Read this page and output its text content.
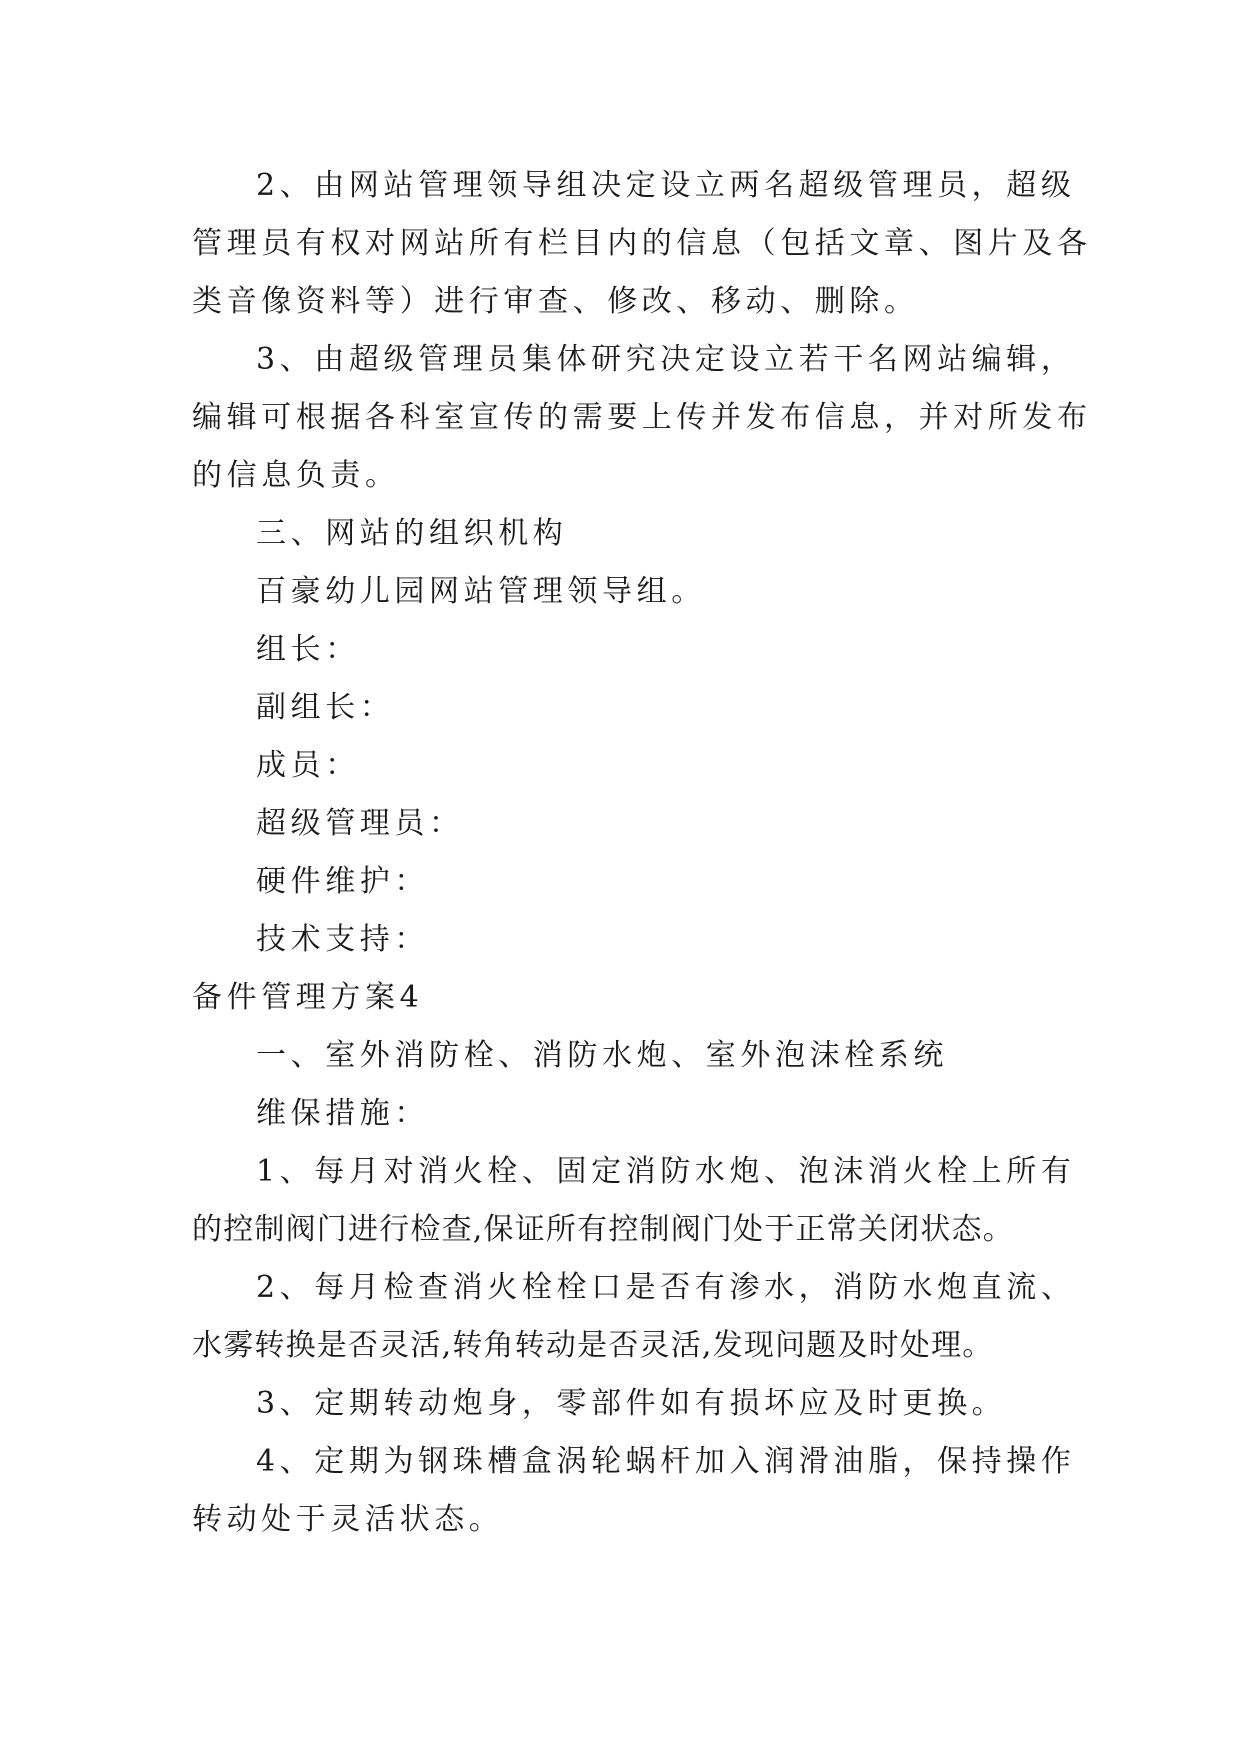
2、由网站管理领导组决定设立两名超级管理员，超级
管理员有权对网站所有栏目内的信息（包括文章、图片及各
类音像资料等）进行审查、修改、移动、删除。
3、由超级管理员集体研究决定设立若干名网站编辑，
编辑可根据各科室宣传的需要上传并发布信息，并对所发布
的信息负责。
三、网站的组织机构
百豪幼儿园网站管理领导组。
组长：
副组长：
成员：
超级管理员：
硬件维护：
技术支持：
备件管理方案4
一、室外消防栓、消防水炮、室外泡沫栓系统
维保措施：
1、每月对消火栓、固定消防水炮、泡沫消火栓上所有
的控制阀门进行检查,保证所有控制阀门处于正常关闭状态。
2、每月检查消火栓栓口是否有渗水，消防水炮直流、
水雾转换是否灵活,转角转动是否灵活,发现问题及时处理。
3、定期转动炮身，零部件如有损坏应及时更换。
4、定期为钢珠槽盒涡轮蜗杆加入润滑油脂，保持操作
转动处于灵活状态。
